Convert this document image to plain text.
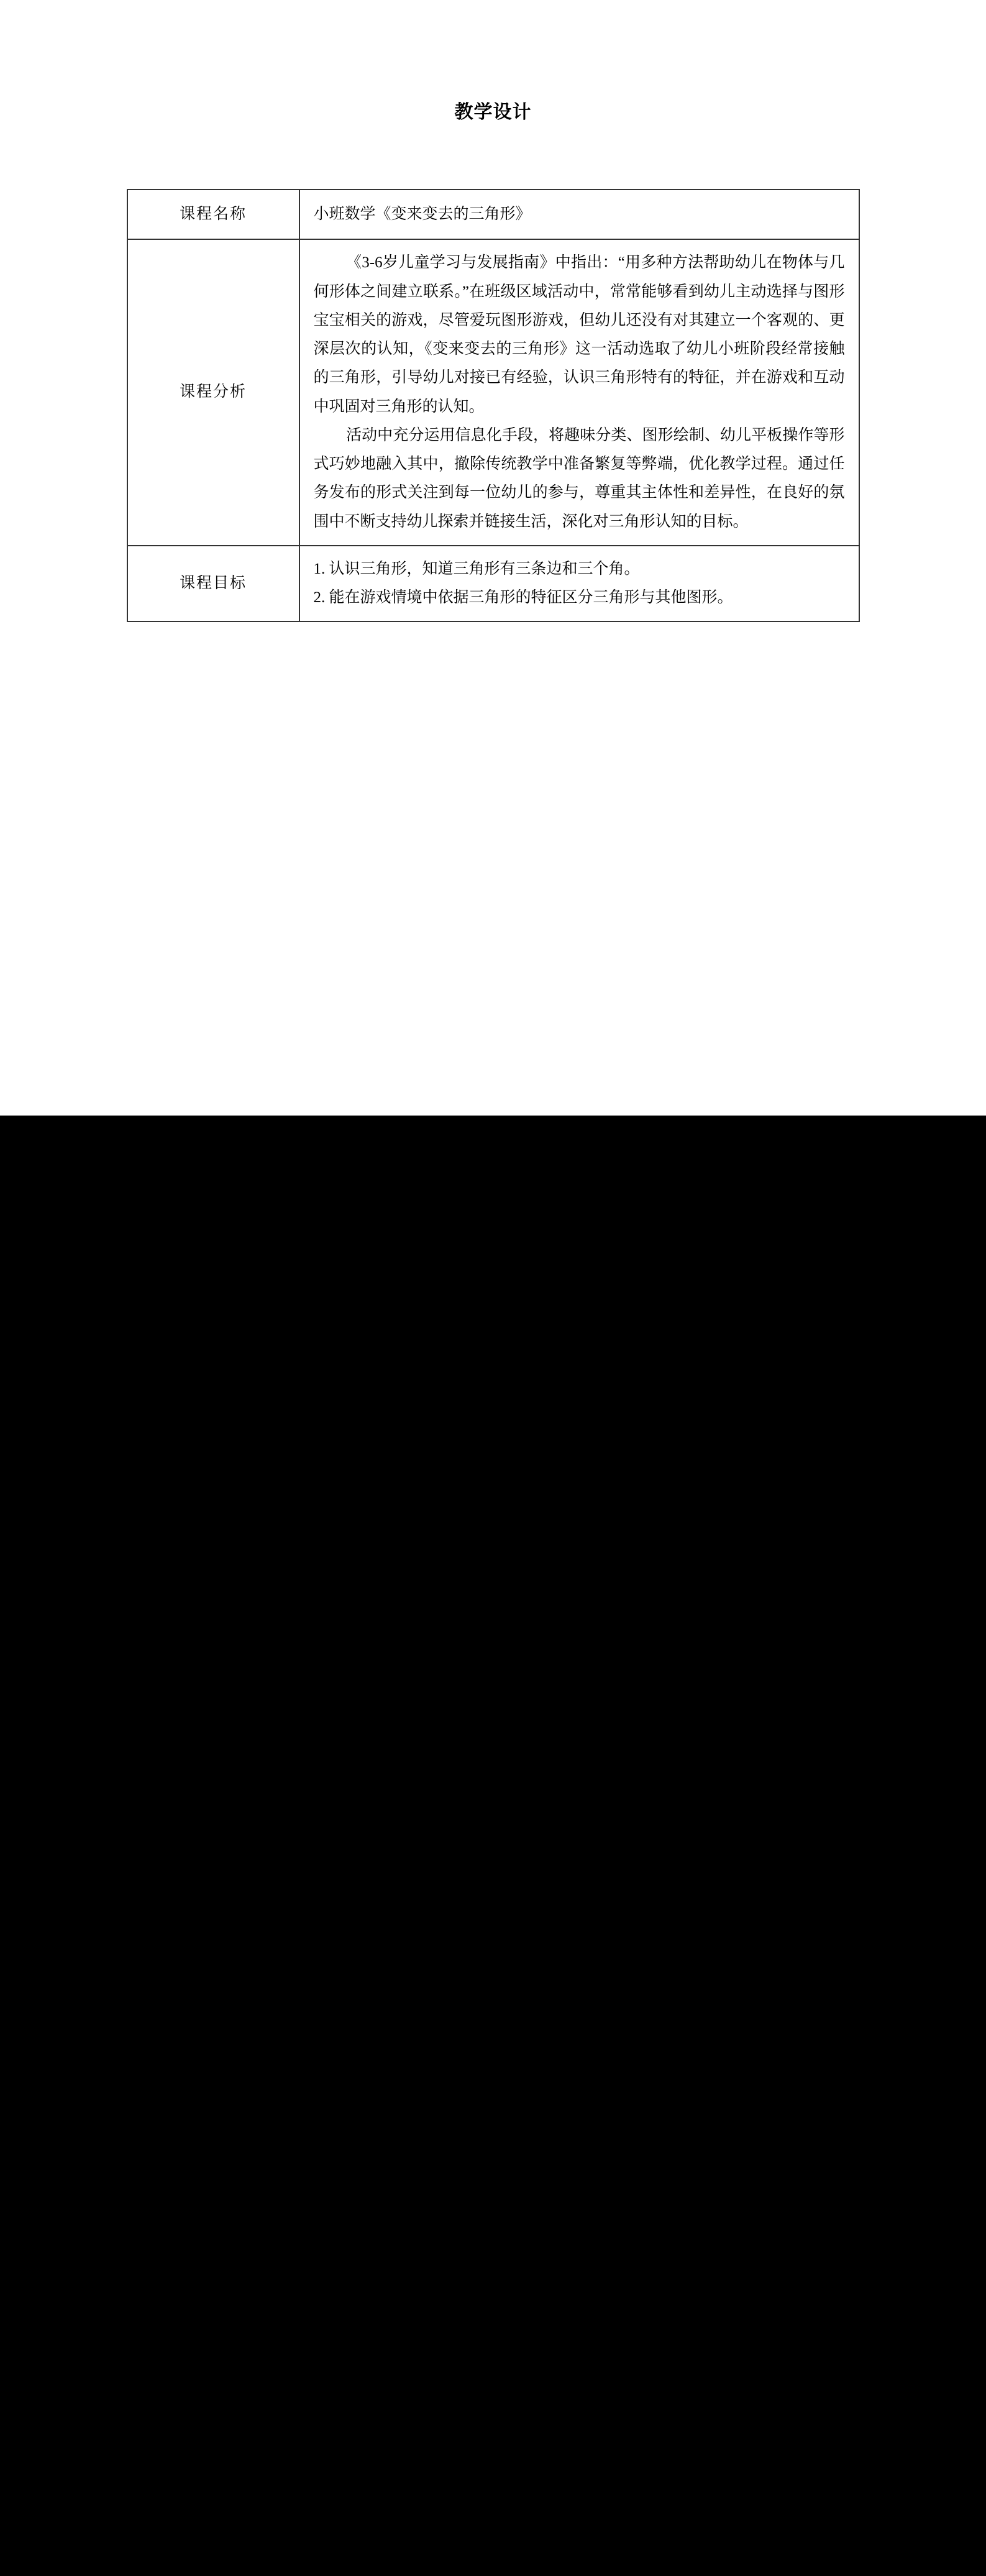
教学设计
课程名称	小班数学《变来变去的三角形》

课程分析	《3-6岁儿童学习与发展指南》中指出：“用多种方法帮助幼儿在物体与几何形体之间建立联系。”在班级区域活动中，常常能够看到幼儿主动选择与图形宝宝相关的游戏，尽管爱玩图形游戏，但幼儿还没有对其建立一个客观的、更深层次的认知，《变来变去的三角形》这一活动选取了幼儿小班阶段经常接触的三角形，引导幼儿对接已有经验，认识三角形特有的特征，并在游戏和互动中巩固对三角形的认知。

活动中充分运用信息化手段，将趣味分类、图形绘制、幼儿平板操作等形式巧妙地融入其中，撤除传统教学中准备繁复等弊端，优化教学过程。通过任务发布的形式关注到每一位幼儿的参与，尊重其主体性和差异性，在良好的氛围中不断支持幼儿探索并链接生活，深化对三角形认知的目标。

课程目标	1. 认识三角形，知道三角形有三条边和三个角。

2. 能在游戏情境中依据三角形的特征区分三角形与其他图形。
